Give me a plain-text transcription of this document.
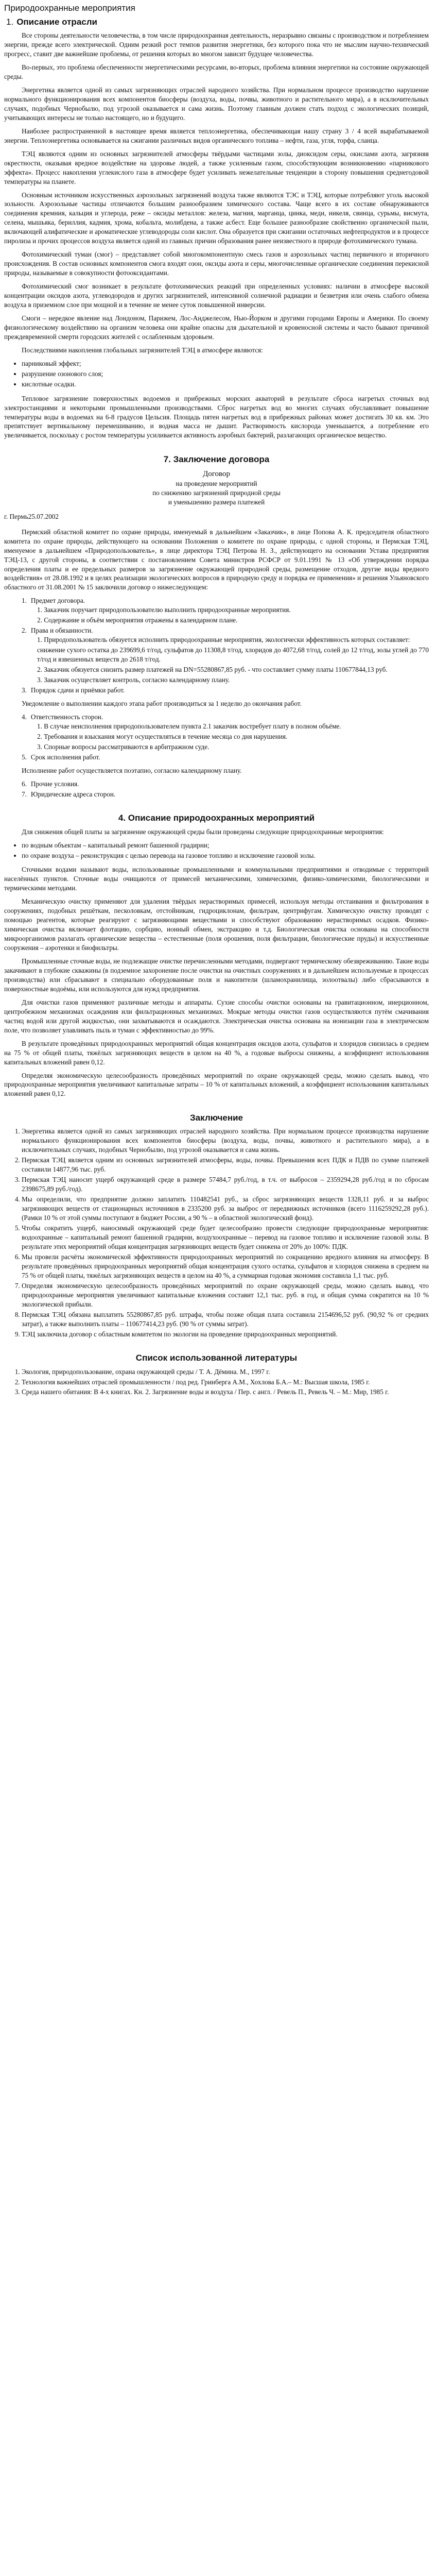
Природоохранные мероприятия
1. Описание отрасли

Все стороны деятельности человечества, в том числе природоохранная деятельность, неразрывно связаны с производством и потреблением энергии, прежде всего электрической. Одним резкий рост темпов развития энергетики, без которого пока что не мыслим научно-технический прогресс, ставит две важнейшие проблемы, от решения которых во многом зависит будущее человечества.

Во-первых, это проблема обеспеченности энергетическими ресурсами, во-вторых, проблема влияния энергетики на состояние окружающей среды.

Энергетика является одной из самых загрязняющих отраслей народного хозяйства. При нормальном процессе производство нарушение нормального функционирования всех компонентов биосферы (воздуха, воды, почвы, животного и растительного мира), а в исключительных случаях, подобных Чернобылю, под угрозой оказывается и сама жизнь. Поэтому главным должен стать подход с экологических позиций, учитывающих интересы не только настоящего, но и будущего.

Наиболее распространенной в настоящее время является теплоэнергетика, обеспечивающая нашу страну 3 / 4 всей вырабатываемой энергии. Теплоэнергетика основывается на сжигании различных видов органического топлива – нефти, газа, угля, торфа, сланца.

ТЭЦ являются одним из основных загрязнителей атмосферы твёрдыми частицами золы, диоксидом серы, окислами азота, загрязняя окрестности, оказывая вредное воздействие на здоровье людей, а также усиленным газом, способствующим возникновению «парникового эффекта». Процесс накопления углекислого газа в атмосфере будет усиливать нежелательные тенденции в сторону повышения среднегодовой температуры на планете.

Основным источником искусственных аэрозольных загрязнений воздуха также являются ТЭС и ТЭЦ, которые потребляют уголь высокой зольности. Аэрозольные частицы отличаются большим разнообразием химического состава. Чаще всего в их составе обнаруживаются соединения кремния, кальция и углерода, реже – оксиды металлов: железа, магния, марганца, цинка, меди, никеля, свинца, сурьмы, висмута, селена, мышьяка, бериллия, кадмия, хрома, кобальта, молибдена, а также асбест. Еще большее разнообразие свойственно органической пыли, включающей алифатические и ароматические углеводороды соли кислот. Она образуется при сжигании остаточных нефтепродуктов и в процессе пиролиза и прочих процессов воздуха является одной из главных причин образования ранее неизвестного в природе фотохимического тумана.

Фотохимический туман (смог) – представляет собой многокомпонентную смесь газов и аэрозольных частиц первичного и вторичного происхождения. В состав основных компонентов смога входят озон, оксиды азота и серы, многочисленные органические соединения перекисной природы, называемые в совокупности фотооксидантами.

Фотохимический смог возникает в результате фотохимических реакций при определенных условиях: наличии в атмосфере высокой концентрации оксидов азота, углеводородов и других загрязнителей, интенсивной солнечной радиации и безветрия или очень слабого обмена воздуха в приземном слое при мощной и в течение не менее суток повышенной инверсии.

Смоги – нередкое явление над Лондоном, Парижем, Лос-Анджелесом, Нью-Йорком и другими городами Европы и Америки. По своему физиологическому воздействию на организм человека они крайне опасны для дыхательной и кровеносной системы и часто бывают причиной преждевременной смерти городских жителей с ослабленным здоровьем.

Последствиями накопления глобальных загрязнителей ТЭЦ в атмосфере являются:

• парниковый эффект;
• разрушение озонового слоя;
• кислотные осадки.

Тепловое загрязнение поверхностных водоемов и прибрежных морских акваторий в результате сброса нагретых сточных вод электростанциями и некоторыми промышленными производствами. Сброс нагретых вод во многих случаях обуславливает повышение температуры воды в водоемах на 6-8 градусов Цельсия. Площадь пятен нагретых вод в прибрежных районах может достигать 30 кв. км. Это препятствует вертикальному перемешиванию, и водная масса не дышит. Растворимость кислорода уменьшается, а потребление его увеличивается, поскольку с ростом температуры усиливается активность аэробных бактерий, разлагающих органическое вещество.

7. Заключение договора
Договор
на проведение мероприятий
по снижению загрязнений природной среды
и уменьшению размера платежей
г. Пермь25.07.2002

Пермский областной комитет по охране природы, именуемый в дальнейшем «Заказчик», в лице Попова А. К. председателя областного комитета по охране природы, действующего на основании Положения о комитете по охране природы, с одной стороны, и Пермская ТЭЦ, именуемое в дальнейшем «Природопользователь», в лице директора ТЭЦ Петрова Н. З., действующего на основании Устава предприятия ТЭЦ-13, с другой стороны, в соответствии с постановлением Совета министров РСФСР от 9.01.1991 № 13 «Об утверждении порядка определения платы и ее предельных размеров за загрязнение окружающей природной среды, размещение отходов, другие виды вредного воздействия» от 28.08.1992 и в целях реализации экологических вопросов в природную среду и порядка ее применения» и решения Ульяновского областного от 31.08.2001 № 15 заключили договор о нижеследующем:

1. Предмет договора.
1. Заказчик поручает природопользователю выполнить природоохранные мероприятия.
2. Содержание и объём мероприятия отражены в календарном плане.
2. Права и обязанности.
1. Природопользователь обязуется исполнить природоохранные мероприятия, экологически эффективность которых составляет:
снижение сухого остатка до 239699,6 т/год, сульфатов до 11308,8 т/год, хлоридов до 4072,68 т/год, солей до 12 т/год, золы углей до 770 т/год и взвешенных веществ до 2618 т/год.
2. Заказчик обязуется снизить размер платежей на DN=55280867,85 руб. - что составляет сумму платы 110677844,13 руб.
3. Заказчик осуществляет контроль, согласно календарному плану.
3. Порядок сдачи и приёмки работ.

Уведомление о выполнении каждого этапа работ производиться за 1 неделю до окончания работ.

4. Ответственность сторон.
1. В случае неисполнения природопользователем пункта 2.1 заказчик востребует плату в полном объёме.
2. Требования и взыскания могут осуществляться в течение месяца со дня нарушения.
3. Спорные вопросы рассматриваются в арбитражном суде.
5. Срок исполнения работ.

Исполнение работ осуществляется поэтапно, согласно календарному плану.

6. Прочие условия.
7. Юридические адреса сторон.
4. Описание природоохранных мероприятий

Для снижения общей платы за загрязнение окружающей среды были проведены следующие природоохранные мероприятия:

• по водным объектам – капитальный ремонт башенной градирни;
• по охране воздуха – реконструкция с целью перевода на газовое топливо и исключение газовой золы.

Сточными водами называют воды, использованные промышленными и коммунальными предприятиями и отводимые с территорий населённых пунктов. Сточные воды очищаются от примесей механическими, химическими, физико-химическими, биологическими и термическими методами.

Механическую очистку применяют для удаления твёрдых нерастворимых примесей, используя методы отстаивания и фильтрования в сооружениях, подобных решёткам, песколовкам, отстойникам, гидроциклонам, фильтрам, центрифугам. Химическую очистку проводят с помощью реагентов, которые реагируют с загрязняющими веществами и способствуют образованию нерастворимых осадков. Физико-химическая очистка включает флотацию, сорбцию, ионный обмен, экстракцию и т.д. Биологическая очистка основана на способности микроорганизмов разлагать органические вещества – естественные (поля орошения, поля фильтрации, биологические пруды) и искусственные сооружения – аэротенки и биофильтры.

Промышленные сточные воды, не подлежащие очистке перечисленными методами, подвергают термическому обезвреживанию. Такие воды закачивают в глубокие скважины (в подземное захоронение после очистки на очистных сооружениях и в дальнейшем используемые в процессах производства) или сбрасывают в специально оборудованные поля и накопители (шламохранилища, золоотвалы) либо сбрасываются в поверхностные водоёмы, или используются для нужд предприятия.

Для очистки газов применяют различные методы и аппараты. Сухие способы очистки основаны на гравитационном, инерционном, центробежном механизмах осаждения или фильтрационных механизмах. Мокрые методы очистки газов осуществляются путём смачивания частиц водой или другой жидкостью, они захватываются и осаждаются. Электрическая очистка основана на ионизации газа в электрическом поле, что позволяет улавливать пыль и туман с эффективностью до 99%.

В результате проведённых природоохранных мероприятий общая концентрация оксидов азота, сульфатов и хлоридов снизилась в среднем на 75 % от общей платы, тяжёлых загрязняющих веществ в целом на 40 %, а годовые выбросы снижены, а коэффициент использования капитальных вложений равен 0,12.

Определяя экономическую целесообразность проведённых мероприятий по охране окружающей среды, можно сделать вывод, что природоохранные мероприятия увеличивают капитальные затраты – 10 % от капитальных вложений, а коэффициент использования капитальных вложений равен 0,12.

Заключение
1. Энергетика является одной из самых загрязняющих отраслей народного хозяйства. При нормальном процессе производства нарушение нормального функционирования всех компонентов биосферы (воздуха, воды, почвы, животного и растительного мира), а в исключительных случаях, подобных Чернобылю, под угрозой оказывается и сама жизнь.
2. Пермская ТЭЦ является одним из основных загрязнителей атмосферы, воды, почвы. Превышения всех ПДК и ПДВ по сумме платежей составили 14877,96 тыс. руб.
3. Пермская ТЭЦ наносит ущерб окружающей среде в размере 57484,7 руб./год, в т.ч. от выбросов – 2359294,28 руб./год и по сбросам 2398675,89 руб./год).
4. Мы определили, что предприятие должно заплатить 110482541 руб., за сброс загрязняющих веществ 1328,11 руб. и за выброс загрязняющих веществ от стационарных источников в 2335200 руб. за выброс от передвижных источников (всего 1116259292,28 руб.). (Рамки 10 % от этой суммы поступают в бюджет России, а 90 % – в областной экологический фонд).
5. Чтобы сократить ущерб, наносимый окружающей среде будет целесообразно провести следующие природоохранные мероприятия: водоохранные – капитальный ремонт башенной градирни, воздухоохранные – перевод на газовое топливо и исключение газовой золы. В результате этих мероприятий общая концентрация загрязняющих веществ будет снижена от 20% до 100%: ПДК.
6. Мы провели расчёты экономической эффективности природоохранных мероприятий по сокращению вредного влияния на атмосферу. В результате проведённых природоохранных мероприятий общая концентрация сухого остатка, сульфатов и хлоридов снижена в среднем на 75 % от общей платы, тяжёлых загрязняющих веществ в целом на 40 %, а суммарная годовая экономия составила 1,1 тыс. руб.
7. Определяя экономическую целесообразность проведённых мероприятий по охране окружающей среды, можно сделать вывод, что природоохранные мероприятия увеличивают капитальные вложения составит 12,1 тыс. руб. в год, и общая сумма сократится на 10 % экологической прибыли.
8. Пермская ТЭЦ обязана выплатить 55280867,85 руб. штрафа, чтобы позже общая плата составила 2154696,52 руб. (90,92 % от средних затрат), а также выполнить платы – 110677414,23 руб. (90 % от суммы затрат).
9. ТЭЦ заключила договор с областным комитетом по экологии на проведение природоохранных мероприятий.
Список использованной литературы
1. Экология, природопользование, охрана окружающей среды / Т. А. Дёмина. М., 1997 г.
2. Технология важнейших отраслей промышленности / под ред. Гринберга А.М., Хохлова Б.А.– М.: Высшая школа, 1985 г.
3. Среда нашего обитания: В 4-х книгах. Кн. 2. Загрязнение воды и воздуха / Пер. с англ. / Ревель П., Ревель Ч. – М.: Мир, 1985 г.
